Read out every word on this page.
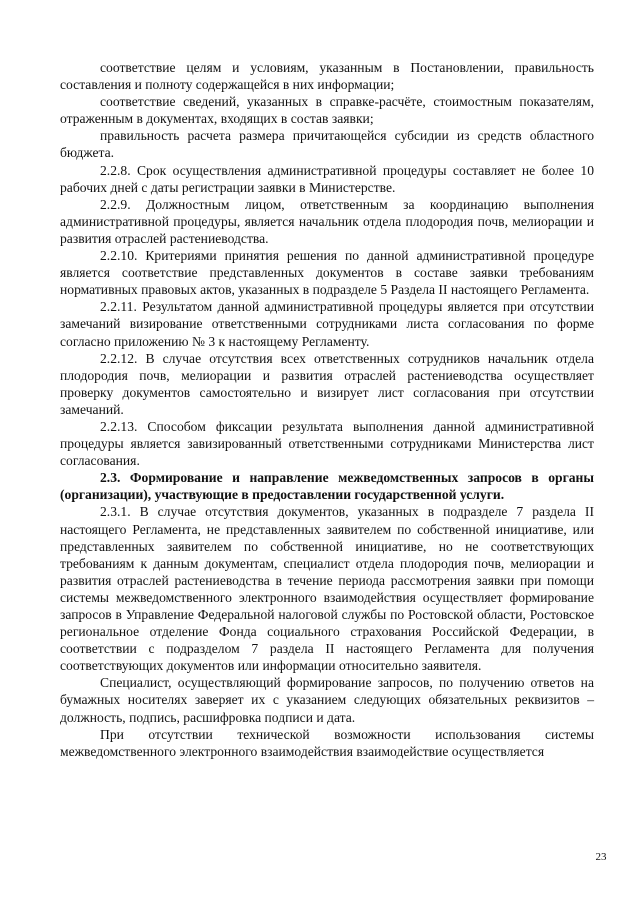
соответствие целям и условиям, указанным в Постановлении, правильность составления и полноту содержащейся в них информации;

соответствие сведений, указанных в справке-расчёте, стоимостным показателям, отраженным в документах, входящих в состав заявки;

правильность расчета размера причитающейся субсидии из средств областного бюджета.

2.2.8. Срок осуществления административной процедуры составляет не более 10 рабочих дней с даты регистрации заявки в Министерстве.

2.2.9. Должностным лицом, ответственным за координацию выполнения административной процедуры, является начальник отдела плодородия почв, мелиорации и развития отраслей растениеводства.

2.2.10. Критериями принятия решения по данной административной процедуре является соответствие представленных документов в составе заявки требованиям нормативных правовых актов, указанных в подразделе 5 Раздела II настоящего Регламента.

2.2.11. Результатом данной административной процедуры является при отсутствии замечаний визирование ответственными сотрудниками листа согласования по форме согласно приложению № 3 к настоящему Регламенту.

2.2.12. В случае отсутствия всех ответственных сотрудников начальник отдела плодородия почв, мелиорации и развития отраслей растениеводства осуществляет проверку документов самостоятельно и визирует лист согласования при отсутствии замечаний.

2.2.13. Способом фиксации результата выполнения данной административной процедуры является завизированный ответственными сотрудниками Министерства лист согласования.

2.3. Формирование и направление межведомственных запросов в органы (организации), участвующие в предоставлении государственной услуги.

2.3.1. В случае отсутствия документов, указанных в подразделе 7 раздела II настоящего Регламента, не представленных заявителем по собственной инициативе, или представленных заявителем по собственной инициативе, но не соответствующих требованиям к данным документам, специалист отдела плодородия почв, мелиорации и развития отраслей растениеводства в течение периода рассмотрения заявки при помощи системы межведомственного электронного взаимодействия осуществляет формирование запросов в Управление Федеральной налоговой службы по Ростовской области, Ростовское региональное отделение Фонда социального страхования Российской Федерации, в соответствии с подразделом 7 раздела II настоящего Регламента для получения соответствующих документов или информации относительно заявителя.

Специалист, осуществляющий формирование запросов, по получению ответов на бумажных носителях заверяет их с указанием следующих обязательных реквизитов – должность, подпись, расшифровка подписи и дата.

При отсутствии технической возможности использования системы межведомственного электронного взаимодействия взаимодействие осуществляется

23
